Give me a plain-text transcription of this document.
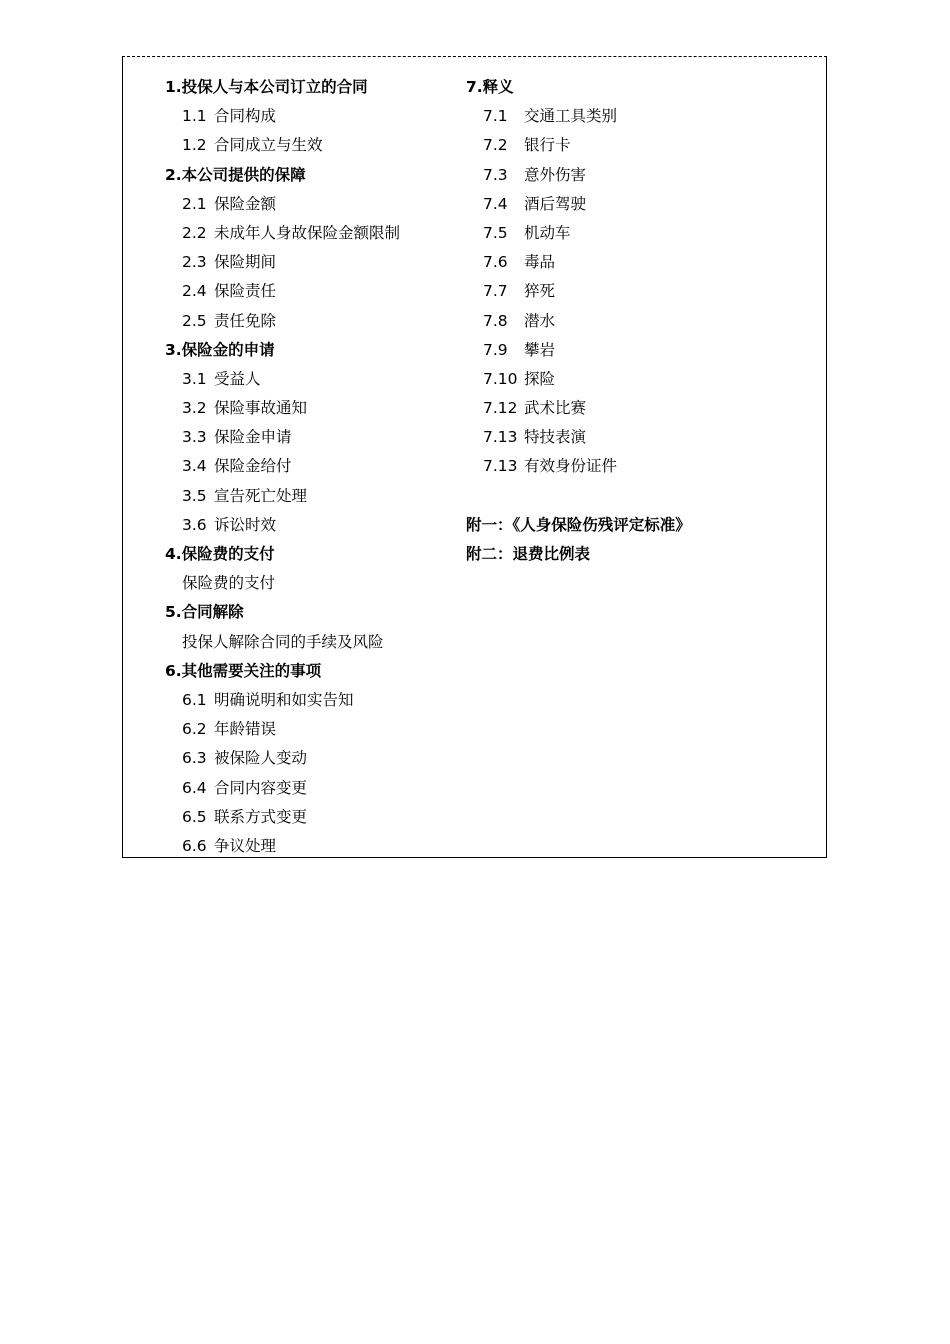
1.投保人与本公司订立的合同
1.1 合同构成
1.2 合同成立与生效
2.本公司提供的保障
2.1 保险金额
2.2 未成年人身故保险金额限制
2.3 保险期间
2.4 保险责任
2.5 责任免除
3.保险金的申请
3.1 受益人
3.2 保险事故通知
3.3 保险金申请
3.4 保险金给付
3.5 宣告死亡处理
3.6 诉讼时效
4.保险费的支付
保险费的支付
5.合同解除
投保人解除合同的手续及风险
6.其他需要关注的事项
6.1 明确说明和如实告知
6.2 年龄错误
6.3 被保险人变动
6.4 合同内容变更
6.5 联系方式变更
6.6 争议处理
7.释义
7.1 交通工具类别
7.2 银行卡
7.3 意外伤害
7.4 酒后驾驶
7.5 机动车
7.6 毒品
7.7 猝死
7.8 潜水
7.9 攀岩
7.10 探险
7.12 武术比赛
7.13 特技表演
7.13 有效身份证件
附一：《人身保险伤残评定标准》
附二：退费比例表
